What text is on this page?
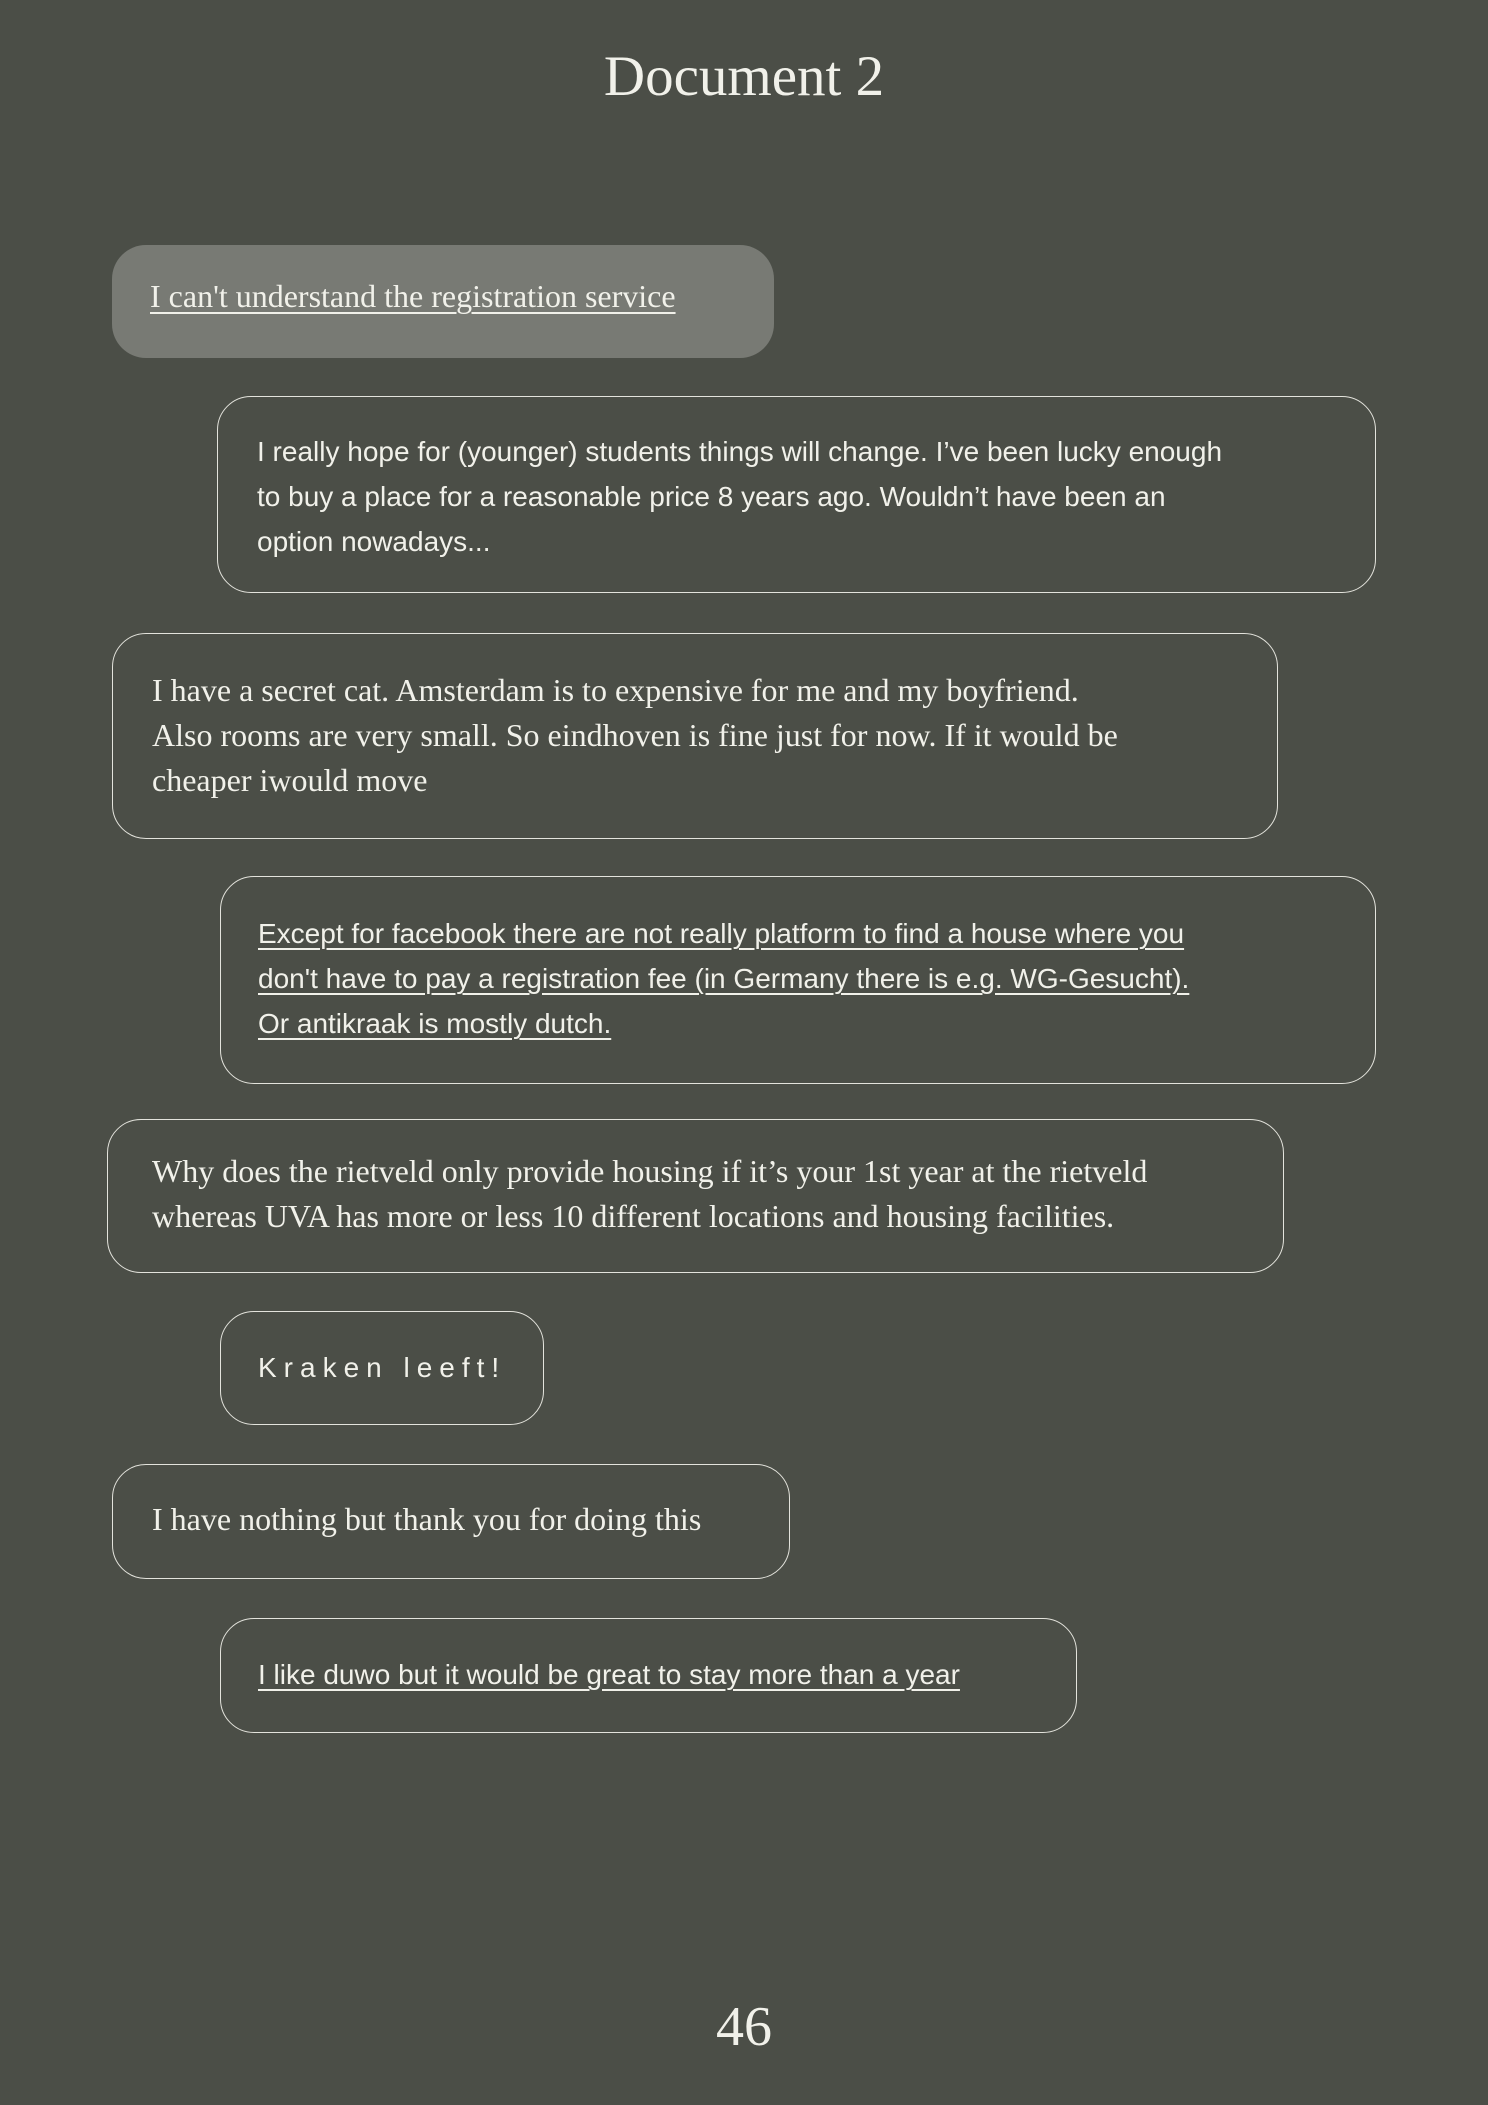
Document 2
I can't understand the registration service
I really hope for (younger) students things will change. I’ve been lucky enough
to buy a place for a reasonable price 8 years ago. Wouldn’t have been an
option nowadays...
I have a secret cat. Amsterdam is to expensive for me and my boyfriend.
Also rooms are very small. So eindhoven is fine just for now. If it would be
cheaper iwould move
Except for facebook there are not really platform to find a house where you
don't have to pay a registration fee (in Germany there is e.g. WG-Gesucht).
Or antikraak is mostly dutch.
Why does the rietveld only provide housing if it’s your 1st year at the rietveld
whereas UVA has more or less 10 different locations and housing facilities.
Kraken leeft!
I have nothing but thank you for doing this
I like duwo but it would be great to stay more than a year
46
